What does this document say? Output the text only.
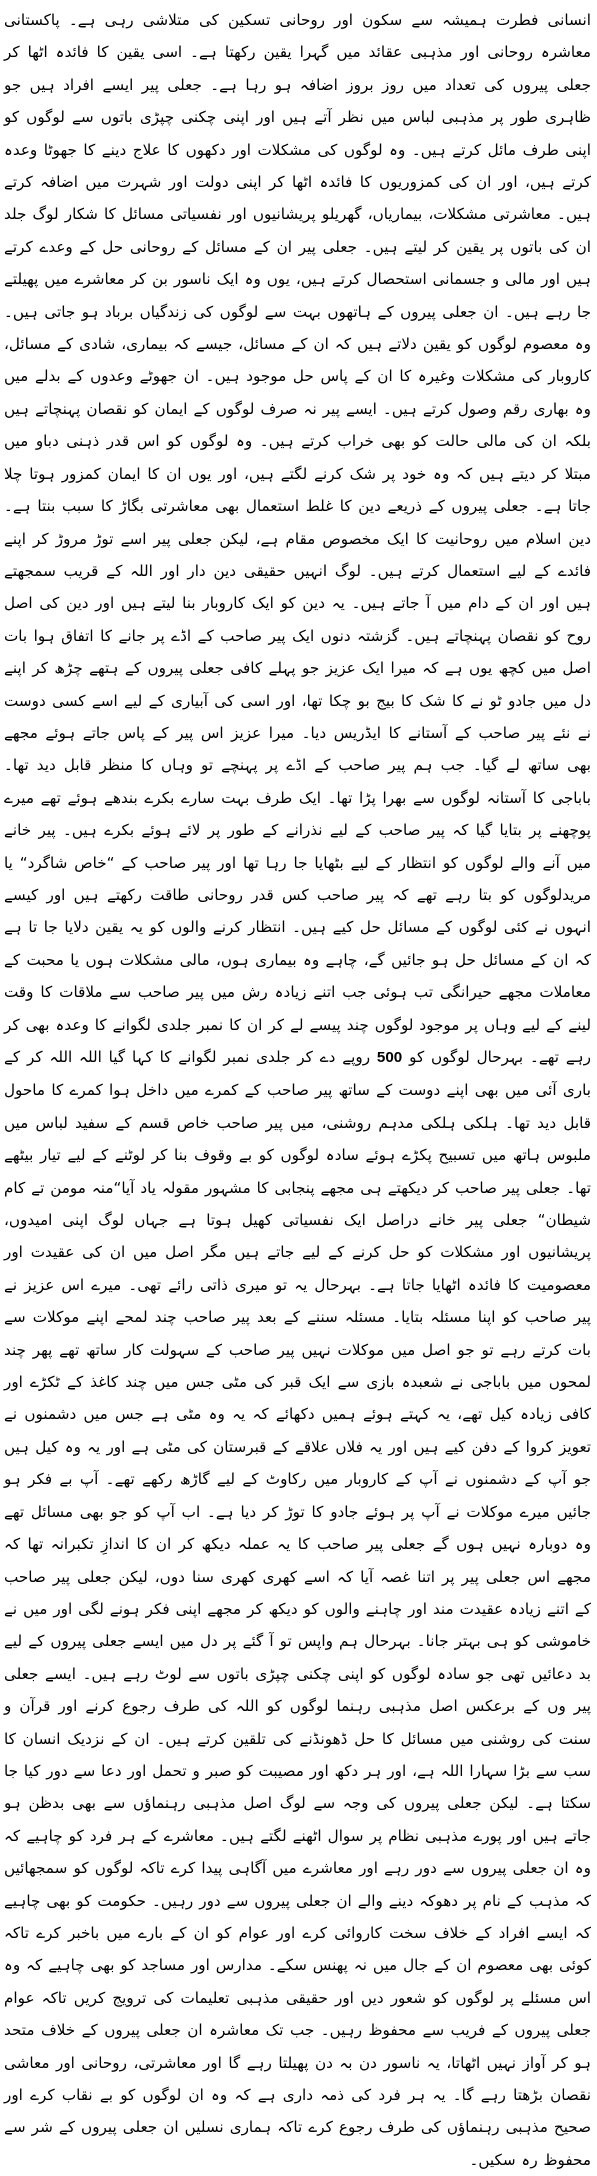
انسانی فطرت ہمیشہ سے سکون اور روحانی تسکین کی متلاشی رہی ہے۔ پاکستانی معاشرہ روحانی اور مذہبی عقائد میں گہرا یقین رکھتا ہے۔ اسی یقین کا فائدہ اٹھا کر جعلی پیروں کی تعداد میں روز بروز اضافہ ہو رہا ہے۔ جعلی پیر ایسے افراد ہیں جو ظاہری طور پر مذہبی لباس میں نظر آتے ہیں اور اپنی چکنی چپڑی باتوں سے لوگوں کو اپنی طرف مائل کرتے ہیں۔ وہ لوگوں کی مشکلات اور دکھوں کا علاج دینے کا جھوٹا وعدہ کرتے ہیں، اور ان کی کمزوریوں کا فائدہ اٹھا کر اپنی دولت اور شہرت میں اضافہ کرتے ہیں۔ معاشرتی مشکلات، بیماریاں، گھریلو پریشانیوں اور نفسیاتی مسائل کا شکار لوگ جلد ان کی باتوں پر یقین کر لیتے ہیں۔ جعلی پیر ان کے مسائل کے روحانی حل کے وعدے کرتے ہیں اور مالی و جسمانی استحصال کرتے ہیں، یوں وہ ایک ناسور بن کر معاشرے میں پھیلتے جا رہے ہیں۔ ان جعلی پیروں کے ہاتھوں بہت سے لوگوں کی زندگیاں برباد ہو جاتی ہیں۔ وہ معصوم لوگوں کو یقین دلاتے ہیں کہ ان کے مسائل، جیسے کہ بیماری، شادی کے مسائل، کاروبار کی مشکلات وغیرہ کا ان کے پاس حل موجود ہیں۔ ان جھوٹے وعدوں کے بدلے میں وہ بھاری رقم وصول کرتے ہیں۔ ایسے پیر نہ صرف لوگوں کے ایمان کو نقصان پہنچاتے ہیں بلکہ ان کی مالی حالت کو بھی خراب کرتے ہیں۔ وہ لوگوں کو اس قدر ذہنی دباو میں مبتلا کر دیتے ہیں کہ وہ خود پر شک کرنے لگتے ہیں، اور یوں ان کا ایمان کمزور ہوتا چلا جاتا ہے۔ جعلی پیروں کے ذریعے دین کا غلط استعمال بھی معاشرتی بگاڑ کا سبب بنتا ہے۔ دین اسلام میں روحانیت کا ایک مخصوص مقام ہے، لیکن جعلی پیر اسے توڑ مروڑ کر اپنے فائدے کے لیے استعمال کرتے ہیں۔ لوگ انہیں حقیقی دین دار اور اللہ کے قریب سمجھتے ہیں اور ان کے دام میں آ جاتے ہیں۔ یہ دین کو ایک کاروبار بنا لیتے ہیں اور دین کی اصل روح کو نقصان پہنچاتے ہیں۔ گزشتہ دنوں ایک پیر صاحب کے اڈے پر جانے کا اتفاق ہوا بات اصل میں کچھ یوں ہے کہ میرا ایک عزیز جو پہلے کافی جعلی پیروں کے ہتھے چڑھ کر اپنے دل میں جادو ٹو نے کا شک کا بیج بو چکا تھا، اور اسی کی آبیاری کے لیے اسے کسی دوست نے نئے پیر صاحب کے آستانے کا ایڈریس دیا۔ میرا عزیز اس پیر کے پاس جاتے ہوئے مجھے بھی ساتھ لے گیا۔ جب ہم پیر صاحب کے اڈے پر پہنچے تو وہاں کا منظر قابل دید تھا۔ باباجی کا آستانہ لوگوں سے بھرا پڑا تھا۔ ایک طرف بہت سارے بکرے بندھے ہوئے تھے میرے پوچھنے پر بتایا گیا کہ پیر صاحب کے لیے نذرانے کے طور پر لائے ہوئے بکرے ہیں۔ پیر خانے میں آنے والے لوگوں کو انتظار کے لیے بٹھایا جا رہا تھا اور پیر صاحب کے “خاص شاگرد“ یا مریدلوگوں کو بتا رہے تھے کہ پیر صاحب کس قدر روحانی طاقت رکھتے ہیں اور کیسے انہوں نے کئی لوگوں کے مسائل حل کیے ہیں۔ انتظار کرنے والوں کو یہ یقین دلایا جا تا ہے کہ ان کے مسائل حل ہو جائیں گے، چاہے وہ بیماری ہوں، مالی مشکلات ہوں یا محبت کے معاملات مجھے حیرانگی تب ہوئی جب اتنے زیادہ رش میں پیر صاحب سے ملاقات کا وقت لینے کے لیے وہاں پر موجود لوگوں چند پیسے لے کر ان کا نمبر جلدی لگوانے کا وعدہ بھی کر رہے تھے۔ بہرحال لوگوں کو 500 روپے دے کر جلدی نمبر لگوانے کا کہا گیا اللہ اللہ کر کے باری آئی میں بھی اپنے دوست کے ساتھ پیر صاحب کے کمرے میں داخل ہوا کمرے کا ماحول قابل دید تھا۔ ہلکی ہلکی مدہم روشنی، میں پیر صاحب خاص قسم کے سفید لباس میں ملبوس ہاتھ میں تسبیح پکڑے ہوئے سادہ لوگوں کو بے وقوف بنا کر لوٹنے کے لیے تیار بیٹھے تھا۔ جعلی پیر صاحب کر دیکھتے ہی مجھے پنجابی کا مشہور مقولہ یاد آیا“منہ مومن تے کام شیطان“ جعلی پیر خانے دراصل ایک نفسیاتی کھیل ہوتا ہے جہاں لوگ اپنی امیدوں، پریشانیوں اور مشکلات کو حل کرنے کے لیے جاتے ہیں مگر اصل میں ان کی عقیدت اور معصومیت کا فائدہ اٹھایا جاتا ہے۔ بہرحال یہ تو میری ذاتی رائے تھی۔ میرے اس عزیز نے پیر صاحب کو اپنا مسئلہ بتایا۔ مسئلہ سننے کے بعد پیر صاحب چند لمحے اپنے موکلات سے بات کرتے رہے تو جو اصل میں موکلات نہیں پیر صاحب کے سہولت کار ساتھ تھے پھر چند لمحوں میں باباجی نے شعبدہ بازی سے ایک قبر کی مٹی جس میں چند کاغذ کے ٹکڑے اور کافی زیادہ کیل تھے، یہ کہتے ہوئے ہمیں دکھائے کہ یہ وہ مٹی ہے جس میں دشمنوں نے تعویز کروا کے دفن کیے ہیں اور یہ فلاں علاقے کے قبرستان کی مٹی ہے اور یہ وہ کیل ہیں جو آپ کے دشمنوں نے آپ کے کاروبار میں رکاوٹ کے لیے گاڑھ رکھے تھے۔ آپ بے فکر ہو جائیں میرے موکلات نے آپ پر ہوئے جادو کا توڑ کر دیا ہے۔ اب آپ کو جو بھی مسائل تھے وہ دوبارہ نہیں ہوں گے جعلی پیر صاحب کا یہ عملہ دیکھ کر ان کا اندازِ تکبرانہ تھا کہ مجھے اس جعلی پیر پر اتنا غصہ آیا کہ اسے کھری کھری سنا دوں، لیکن جعلی پیر صاحب کے اتنے زیادہ عقیدت مند اور چاہنے والوں کو دیکھ کر مجھے اپنی فکر ہونے لگی اور میں نے خاموشی کو ہی بہتر جانا۔ بہرحال ہم واپس تو آ گئے پر دل میں ایسے جعلی پیروں کے لیے بد دعائیں تھی جو سادہ لوگوں کو اپنی چکنی چپڑی باتوں سے لوٹ رہے ہیں۔ ایسے جعلی پیر وں کے برعکس اصل مذہبی رہنما لوگوں کو اللہ کی طرف رجوع کرنے اور قرآن و سنت کی روشنی میں مسائل کا حل ڈھونڈنے کی تلقین کرتے ہیں۔ ان کے نزدیک انسان کا سب سے بڑا سہارا اللہ ہے، اور ہر دکھ اور مصیبت کو صبر و تحمل اور دعا سے دور کیا جا سکتا ہے۔ لیکن جعلی پیروں کی وجہ سے لوگ اصل مذہبی رہنماؤں سے بھی بدظن ہو جاتے ہیں اور پورے مذہبی نظام پر سوال اٹھنے لگتے ہیں۔ معاشرے کے ہر فرد کو چاہیے کہ وہ ان جعلی پیروں سے دور رہے اور معاشرے میں آگاہی پیدا کرے تاکہ لوگوں کو سمجھائیں کہ مذہب کے نام پر دھوکہ دینے والے ان جعلی پیروں سے دور رہیں۔ حکومت کو بھی چاہیے کہ ایسے افراد کے خلاف سخت کاروائی کرے اور عوام کو ان کے بارے میں باخبر کرے تاکہ کوئی بھی معصوم ان کے جال میں نہ پھنس سکے۔ مدارس اور مساجد کو بھی چاہیے کہ وہ اس مسئلے پر لوگوں کو شعور دیں اور حقیقی مذہبی تعلیمات کی ترویج کریں تاکہ عوام جعلی پیروں کے فریب سے محفوظ رہیں۔ جب تک معاشرہ ان جعلی پیروں کے خلاف متحد ہو کر آواز نہیں اٹھاتا، یہ ناسور دن بہ دن پھیلتا رہے گا اور معاشرتی، روحانی اور معاشی نقصان بڑھتا رہے گا۔ یہ ہر فرد کی ذمہ داری ہے کہ وہ ان لوگوں کو بے نقاب کرے اور صحیح مذہبی رہنماؤں کی طرف رجوع کرے تاکہ ہماری نسلیں ان جعلی پیروں کے شر سے محفوظ رہ سکیں۔
